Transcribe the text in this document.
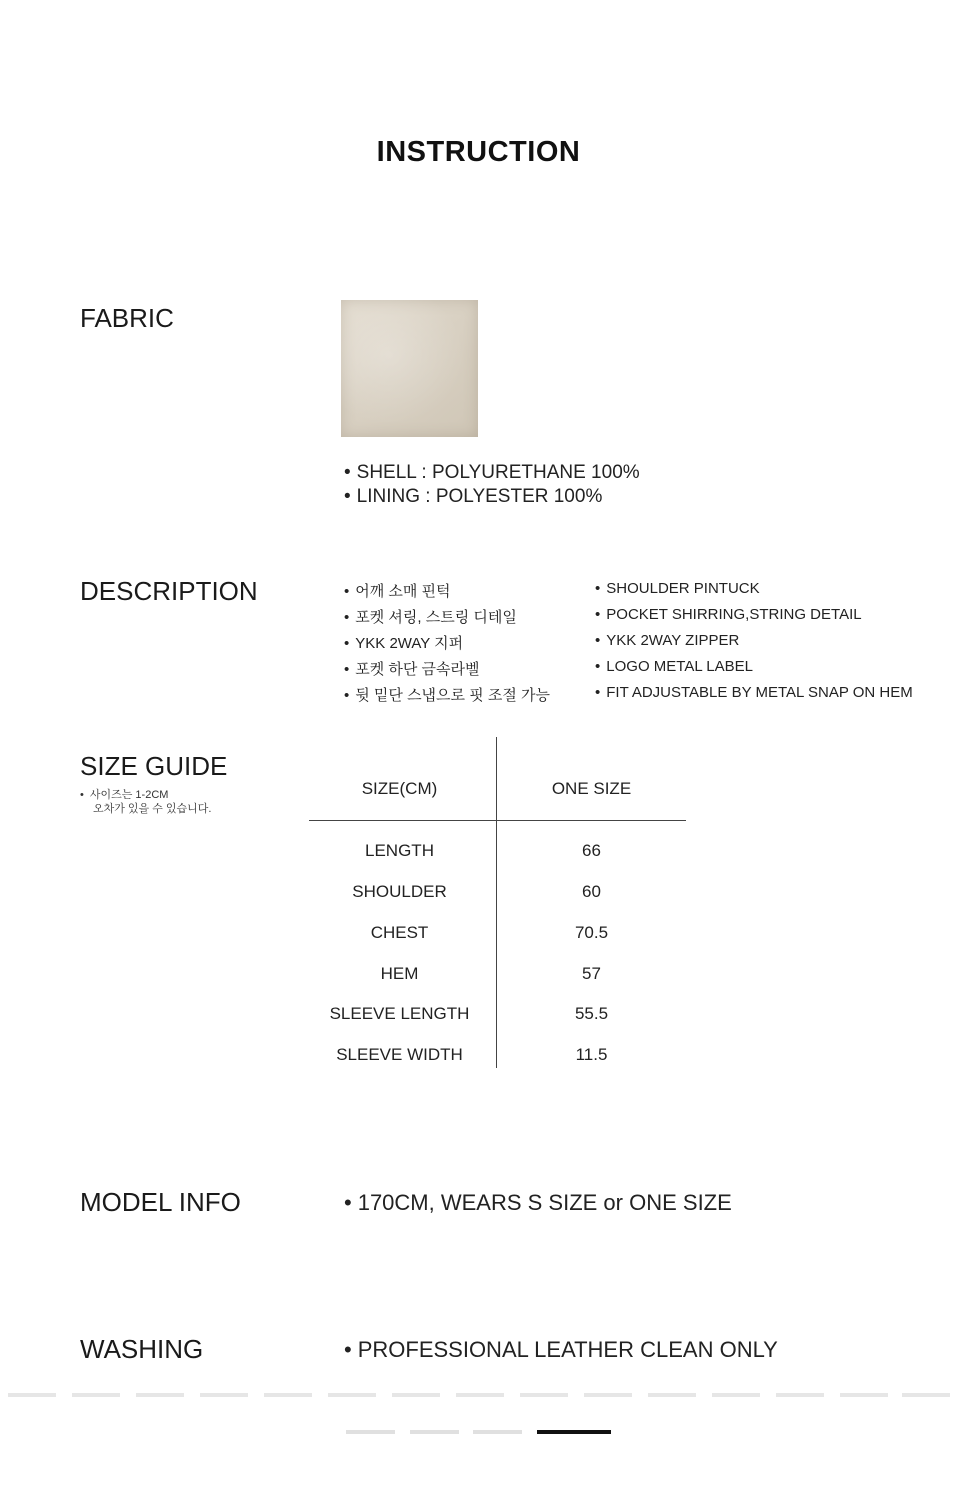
INSTRUCTION
FABRIC
• SHELL : POLYURETHANE 100%
• LINING : POLYESTER 100%
DESCRIPTION	• 어깨 소매 핀턱
• 포켓 셔링, 스트링 디테일
• YKK 2WAY 지퍼
• 포켓 하단 금속라벨
• 뒷 밑단 스냅으로 핏 조절 가능
• SHOULDER PINTUCK
• POCKET SHIRRING,STRING DETAIL
• YKK 2WAY ZIPPER
• LOGO METAL LABEL
• FIT ADJUSTABLE BY METAL SNAP ON HEM
SIZE GUIDE
• 사이즈는 1-2CM
오차가 있을 수 있습니다.
SIZE(CM)	ONE SIZE
LENGTH	66
SHOULDER	60
CHEST	70.5
HEM	57
SLEEVE LENGTH	55.5
SLEEVE WIDTH	11.5
MODEL INFO	• 170CM, WEARS S SIZE or ONE SIZE
WASHING	• PROFESSIONAL LEATHER CLEAN ONLY
